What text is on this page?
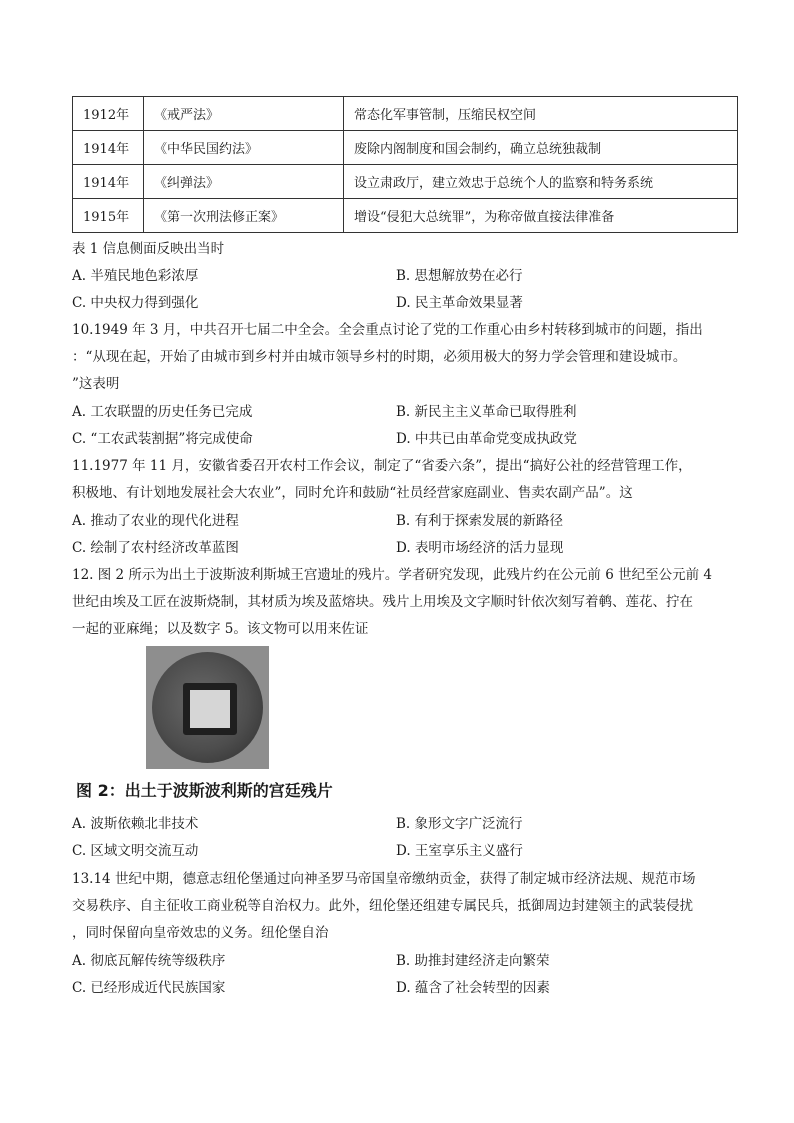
1912年	《戒严法》	常态化军事管制，压缩民权空间
1914年	《中华民国约法》	废除内阁制度和国会制约，确立总统独裁制
1914年	《纠弹法》	设立肃政厅，建立效忠于总统个人的监察和特务系统
1915年	《第一次刑法修正案》	增设“侵犯大总统罪”，为称帝做直接法律准备
表 1 信息侧面反映出当时
A. 半殖民地色彩浓厚	B. 思想解放势在必行
C. 中央权力得到强化	D. 民主革命效果显著
10.1949 年 3 月，中共召开七届二中全会。全会重点讨论了党的工作重心由乡村转移到城市的问题，指出
：“从现在起，开始了由城市到乡村并由城市领导乡村的时期，必须用极大的努力学会管理和建设城市。
”这表明
A. 工农联盟的历史任务已完成	B. 新民主主义革命已取得胜利
C. “工农武装割据”将完成使命	D. 中共已由革命党变成执政党
11.1977 年 11 月，安徽省委召开农村工作会议，制定了“省委六条”，提出“搞好公社的经营管理工作，
积极地、有计划地发展社会大农业”，同时允许和鼓励“社员经营家庭副业、售卖农副产品”。这
A. 推动了农业的现代化进程	B. 有利于探索发展的新路径
C. 绘制了农村经济改革蓝图	D. 表明市场经济的活力显现
12. 图 2 所示为出土于波斯波利斯城王宫遗址的残片。学者研究发现，此残片约在公元前 6 世纪至公元前 4
世纪由埃及工匠在波斯烧制，其材质为埃及蓝熔块。残片上用埃及文字顺时针依次刻写着鹌、莲花、拧在
一起的亚麻绳；以及数字 5。该文物可以用来佐证
图 2：出土于波斯波利斯的宫廷残片
A. 波斯依赖北非技术	B. 象形文字广泛流行
C. 区域文明交流互动	D. 王室享乐主义盛行
13.14 世纪中期，德意志纽伦堡通过向神圣罗马帝国皇帝缴纳贡金，获得了制定城市经济法规、规范市场
交易秩序、自主征收工商业税等自治权力。此外，纽伦堡还组建专属民兵，抵御周边封建领主的武装侵扰
，同时保留向皇帝效忠的义务。纽伦堡自治
A. 彻底瓦解传统等级秩序	B. 助推封建经济走向繁荣
C. 已经形成近代民族国家	D. 蕴含了社会转型的因素
